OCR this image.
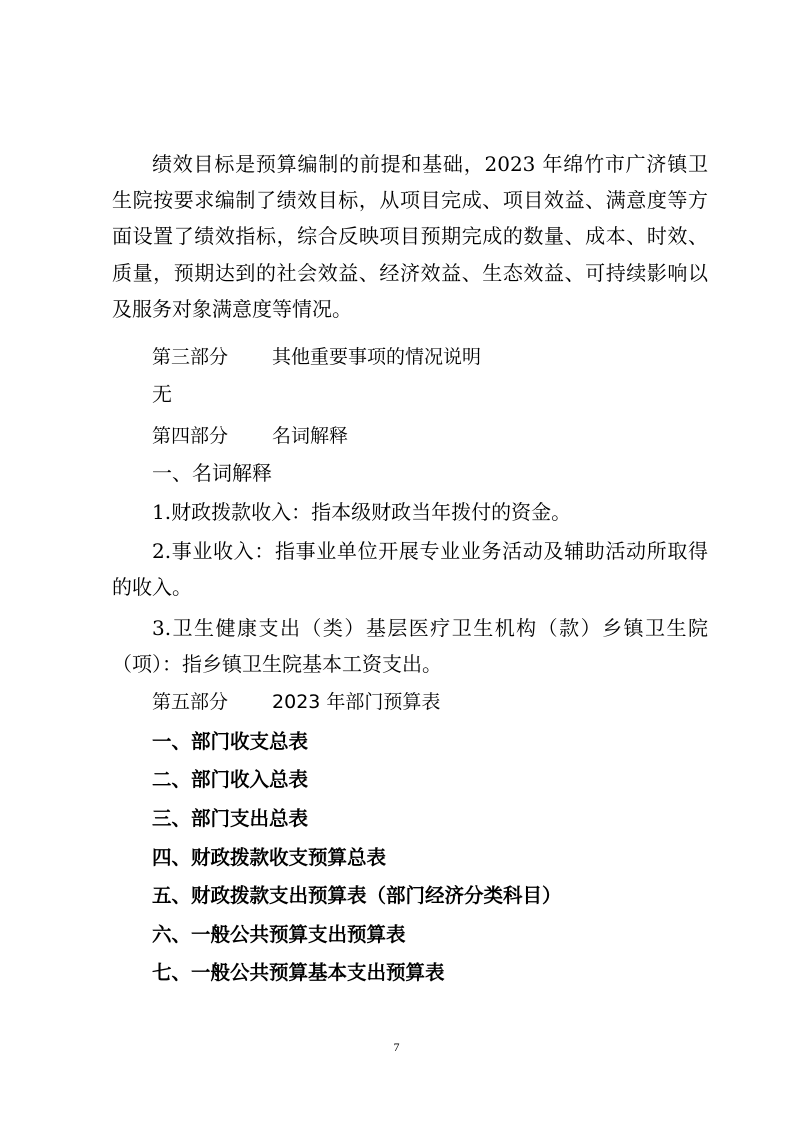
绩效目标是预算编制的前提和基础，2023 年绵竹市广济镇卫生院按要求编制了绩效目标，从项目完成、项目效益、满意度等方面设置了绩效指标，综合反映项目预期完成的数量、成本、时效、质量，预期达到的社会效益、经济效益、生态效益、可持续影响以及服务对象满意度等情况。

第三部分 其他重要事项的情况说明
无
第四部分 名词解释
一、名词解释
1.财政拨款收入：指本级财政当年拨付的资金。

2.事业收入：指事业单位开展专业业务活动及辅助活动所取得的收入。

3.卫生健康支出（类）基层医疗卫生机构（款）乡镇卫生院（项）：指乡镇卫生院基本工资支出。

第五部分 2023 年部门预算表
一、部门收支总表
二、部门收入总表
三、部门支出总表
四、财政拨款收支预算总表
五、财政拨款支出预算表（部门经济分类科目）
六、一般公共预算支出预算表
七、一般公共预算基本支出预算表
7
